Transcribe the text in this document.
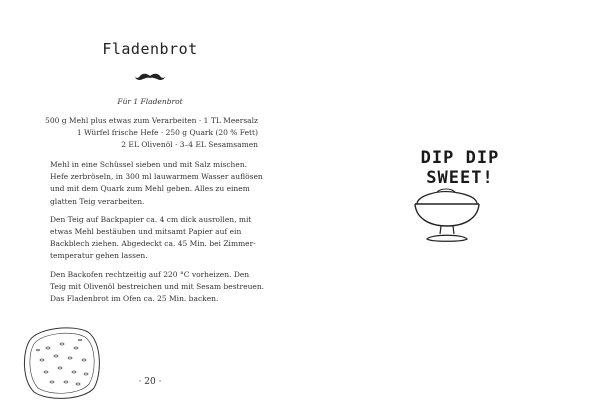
Fladenbrot
Für 1 Fladenbrot
500 g Mehl plus etwas zum Verarbeiten · 1 TL Meersalz
1 Würfel frische Hefe · 250 g Quark (20 % Fett)
2 EL Olivenöl · 3–4 EL Sesamsamen
Mehl in eine Schüssel sieben und mit Salz mischen.
Hefe zerbröseln, in 300 ml lauwarmem Wasser auflösen
und mit dem Quark zum Mehl geben. Alles zu einem
glatten Teig verarbeiten.
Den Teig auf Backpapier ca. 4 cm dick ausrollen, mit
etwas Mehl bestäuben und mitsamt Papier auf ein
Backblech ziehen. Abgedeckt ca. 45 Min. bei Zimmer-
temperatur gehen lassen.
Den Backofen rechtzeitig auf 220 °C vorheizen. Den
Teig mit Olivenöl bestreichen und mit Sesam bestreuen.
Das Fladenbrot im Ofen ca. 25 Min. backen.
· 20 ·
DIP DIP SWEET!
